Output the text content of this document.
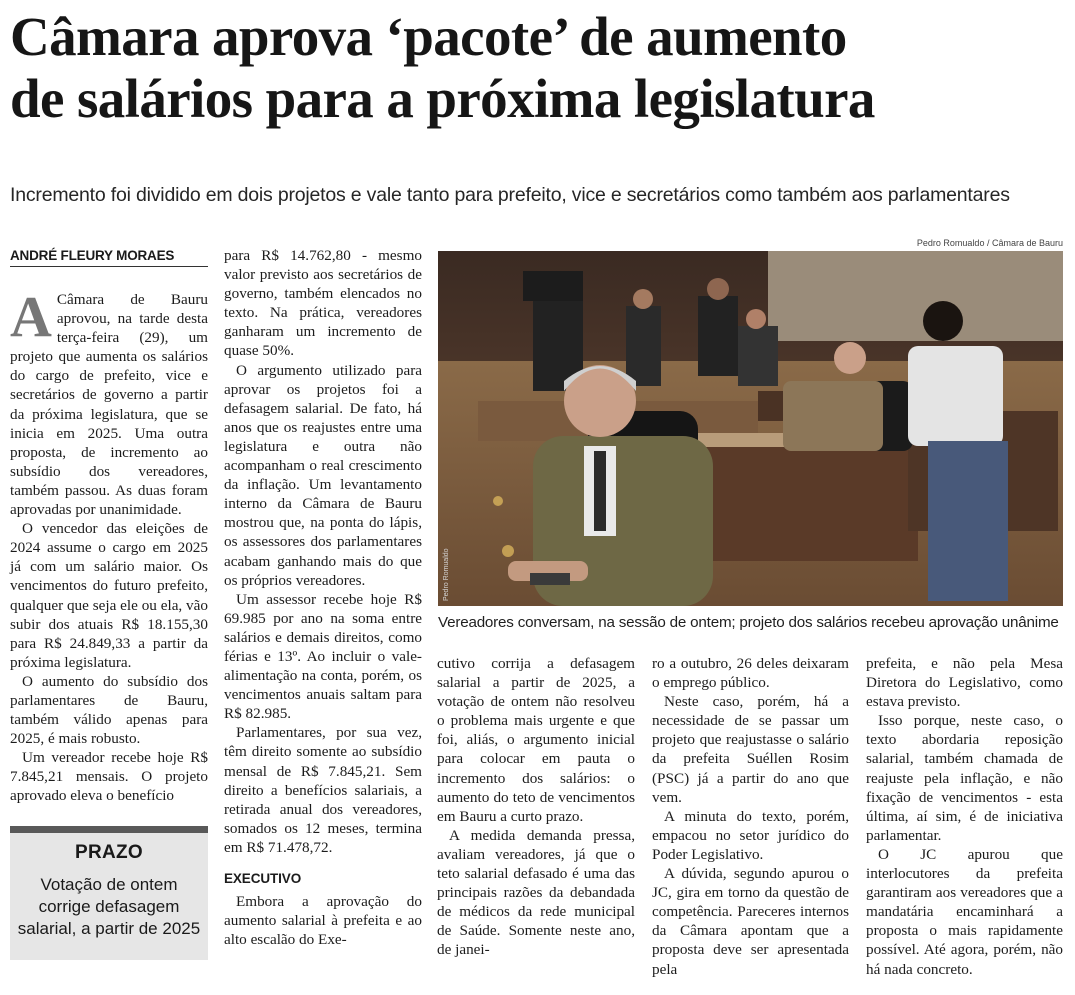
Câmara aprova ‘pacote’ de aumento
de salários para a próxima legislatura
Incremento foi dividido em dois projetos e vale tanto para prefeito, vice e secretários como também aos parlamentares
ANDRÉ FLEURY MORAES

A Câmara de Bauru aprovou, na tarde desta terça-feira (29), um projeto que aumenta os salários do cargo de prefeito, vice e secretários de governo a partir da próxima legislatura, que se inicia em 2025. Uma outra proposta, de incremento ao subsídio dos vereadores, também passou. As duas foram aprovadas por unanimidade.

O vencedor das eleições de 2024 assume o cargo em 2025 já com um salário maior. Os vencimentos do futuro prefeito, qualquer que seja ele ou ela, vão subir dos atuais R$ 18.155,30 para R$ 24.849,33 a partir da próxima legislatura.

O aumento do subsídio dos parlamentares de Bauru, também válido apenas para 2025, é mais robusto.

Um vereador recebe hoje R$ 7.845,21 mensais. O projeto aprovado eleva o benefício

PRAZO
Votação de ontem corrige defasagem salarial, a partir de 2025

para R$ 14.762,80 - mesmo valor previsto aos secretários de governo, também elencados no texto. Na prática, vereadores ganharam um incremento de quase 50%.

O argumento utilizado para aprovar os projetos foi a defasagem salarial. De fato, há anos que os reajustes entre uma legislatura e outra não acompanham o real crescimento da inflação. Um levantamento interno da Câmara de Bauru mostrou que, na ponta do lápis, os assessores dos parlamentares acabam ganhando mais do que os próprios vereadores.

Um assessor recebe hoje R$ 69.985 por ano na soma entre salários e demais direitos, como férias e 13º. Ao incluir o vale-alimentação na conta, porém, os vencimentos anuais saltam para R$ 82.985.

Parlamentares, por sua vez, têm direito somente ao subsídio mensal de R$ 7.845,21. Sem direito a benefícios salariais, a retirada anual dos vereadores, somados os 12 meses, termina em R$ 71.478,72.

EXECUTIVO

Embora a aprovação do aumento salarial à prefeita e ao alto escalão do Exe-

Pedro Romualdo / Câmara de Bauru
Pedro Romualdo
Vereadores conversam, na sessão de ontem; projeto dos salários recebeu aprovação unânime

cutivo corrija a defasagem salarial a partir de 2025, a votação de ontem não resolveu o problema mais urgente e que foi, aliás, o argumento inicial para colocar em pauta o incremento dos salários: o aumento do teto de vencimentos em Bauru a curto prazo.

A medida demanda pressa, avaliam vereadores, já que o teto salarial defasado é uma das principais razões da debandada de médicos da rede municipal de Saúde. Somente neste ano, de janei-

ro a outubro, 26 deles deixaram o emprego público.

Neste caso, porém, há a necessidade de se passar um projeto que reajustasse o salário da prefeita Suéllen Rosim (PSC) já a partir do ano que vem.

A minuta do texto, porém, empacou no setor jurídico do Poder Legislativo.

A dúvida, segundo apurou o JC, gira em torno da questão de competência. Pareceres internos da Câmara apontam que a proposta deve ser apresentada pela

prefeita, e não pela Mesa Diretora do Legislativo, como estava previsto.

Isso porque, neste caso, o texto abordaria reposição salarial, também chamada de reajuste pela inflação, e não fixação de vencimentos - esta última, aí sim, é de iniciativa parlamentar.

O JC apurou que interlocutores da prefeita garantiram aos vereadores que a mandatária encaminhará a proposta o mais rapidamente possível. Até agora, porém, não há nada concreto.
